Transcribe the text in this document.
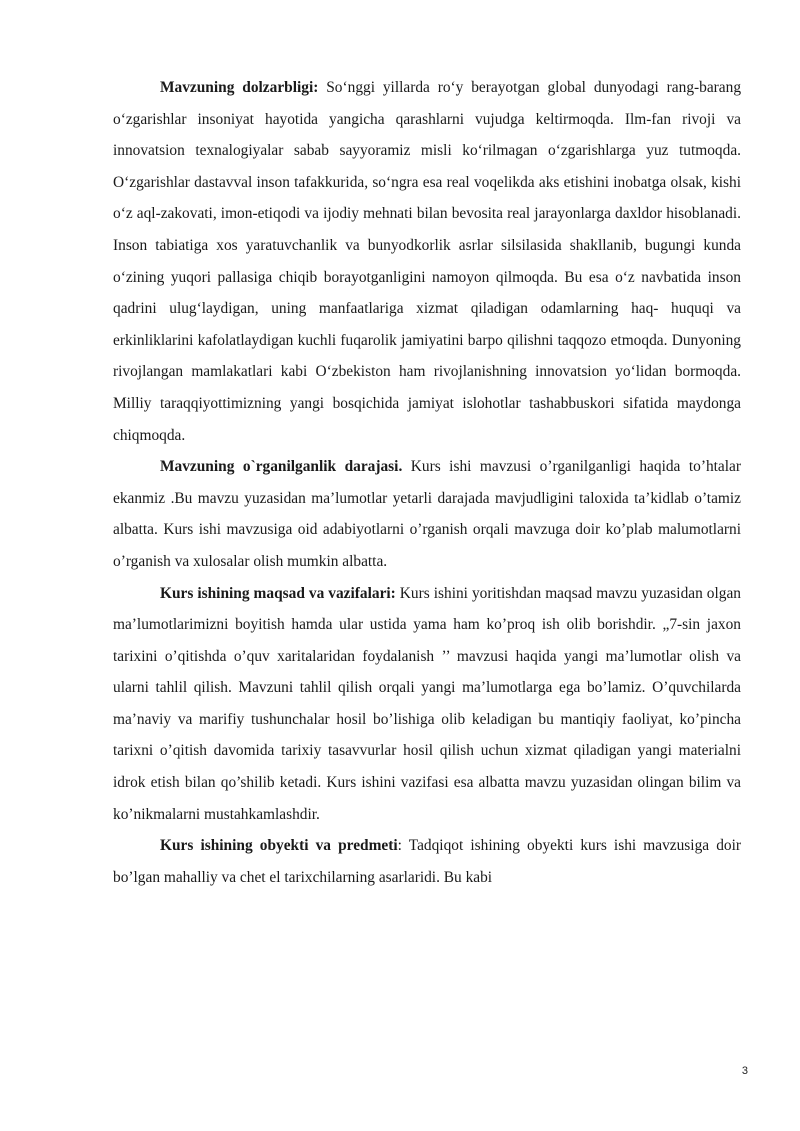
Mavzuning dolzarbligi: So‘nggi yillarda ro‘y berayotgan global dunyodagi rang-barang o‘zgarishlar insoniyat hayotida yangicha qarashlarni vujudga keltirmoqda. Ilm-fan rivoji va innovatsion texnalogiyalar sabab sayyoramiz misli ko‘rilmagan o‘zgarishlarga yuz tutmoqda. O‘zgarishlar dastavval inson tafakkurida, so‘ngra esa real voqelikda aks etishini inobatga olsak, kishi o‘z aql-zakovati, imon-etiqodi va ijodiy mehnati bilan bevosita real jarayonlarga daxldor hisoblanadi. Inson tabiatiga xos yaratuvchanlik va bunyodkorlik asrlar silsilasida shakllanib, bugungi kunda o‘zining yuqori pallasiga chiqib borayotganligini namoyon qilmoqda. Bu esa o‘z navbatida inson qadrini ulug‘laydigan, uning manfaatlariga xizmat qiladigan odamlarning haq- huquqi va erkinliklarini kafolatlaydigan kuchli fuqarolik jamiyatini barpo qilishni taqqozo etmoqda. Dunyoning rivojlangan mamlakatlari kabi O‘zbekiston ham rivojlanishning innovatsion yo‘lidan bormoqda. Milliy taraqqiyottimizning yangi bosqichida jamiyat islohotlar tashabbuskori sifatida maydonga chiqmoqda.

Mavzuning o`rganilganlik darajasi. Kurs ishi mavzusi o’rganilganligi haqida to’htalar ekanmiz .Bu mavzu yuzasidan ma’lumotlar yetarli darajada mavjudligini taloxida ta’kidlab o’tamiz albatta. Kurs ishi mavzusiga oid adabiyotlarni o’rganish orqali mavzuga doir ko’plab malumotlarni o’rganish va xulosalar olish mumkin albatta.

Kurs ishining maqsad va vazifalari: Kurs ishini yoritishdan maqsad mavzu yuzasidan olgan ma’lumotlarimizni boyitish hamda ular ustida yama ham ko’proq ish olib borishdir. „7-sin jaxon tarixini o’qitishda o’quv xaritalaridan foydalanish ’’ mavzusi haqida yangi ma’lumotlar olish va ularni tahlil qilish. Mavzuni tahlil qilish orqali yangi ma’lumotlarga ega bo’lamiz. O’quvchilarda ma’naviy va marifiy tushunchalar hosil bo’lishiga olib keladigan bu mantiqiy faoliyat, ko’pincha tarixni o’qitish davomida tarixiy tasavvurlar hosil qilish uchun xizmat qiladigan yangi materialni idrok etish bilan qo’shilib ketadi. Kurs ishini vazifasi esa albatta mavzu yuzasidan olingan bilim va ko’nikmalarni mustahkamlashdir.

Kurs ishining obyekti va predmeti: Tadqiqot ishining obyekti kurs ishi mavzusiga doir bo’lgan mahalliy va chet el tarixchilarning asarlaridi. Bu kabi

3
